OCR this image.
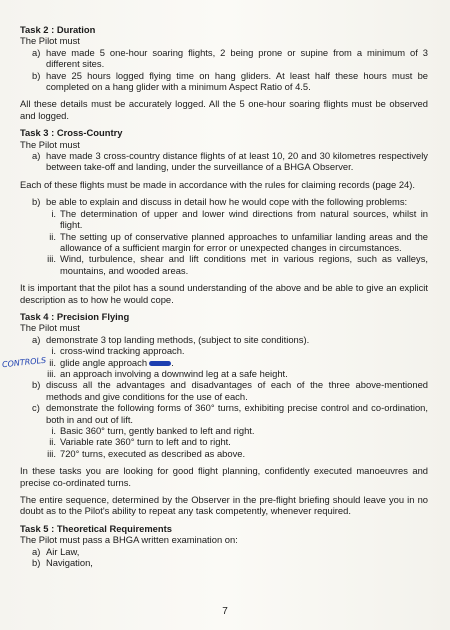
Task 2 : Duration
The Pilot must
a) have made 5 one-hour soaring flights, 2 being prone or supine from a minimum of 3 different sites.
b) have 25 hours logged flying time on hang gliders. At least half these hours must be completed on a hang glider with a minimum Aspect Ratio of 4.5.

All these details must be accurately logged. All the 5 one-hour soaring flights must be observed and logged.

Task 3 : Cross-Country
The Pilot must
a) have made 3 cross-country distance flights of at least 10, 20 and 30 kilometres respectively between take-off and landing, under the surveillance of a BHGA Observer.

Each of these flights must be made in accordance with the rules for claiming records (page 24).

b) be able to explain and discuss in detail how he would cope with the following problems:
i. The determination of upper and lower wind directions from natural sources, whilst in flight.
ii. The setting up of conservative planned approaches to unfamiliar landing areas and the allowance of a sufficient margin for error or unexpected changes in circumstances.
iii. Wind, turbulence, shear and lift conditions met in various regions, such as valleys, mountains, and wooded areas.

It is important that the pilot has a sound understanding of the above and be able to give an explicit description as to how he would cope.

Task 4 : Precision Flying
The Pilot must
a) demonstrate 3 top landing methods, (subject to site conditions).
i. cross-wind tracking approach.
CONTROLS ii. glide angle approach	.
iii. an approach involving a downwind leg at a safe height.
b) discuss all the advantages and disadvantages of each of the three above-mentioned methods and give conditions for the use of each.
c) demonstrate the following forms of 360° turns, exhibiting precise control and co-ordination, both in and out of lift.
i. Basic 360° turn, gently banked to left and right.
ii. Variable rate 360° turn to left and to right.
iii. 720° turns, executed as described as above.

In these tasks you are looking for good flight planning, confidently executed manoeuvres and precise co-ordinated turns.

The entire sequence, determined by the Observer in the pre-flight briefing should leave you in no doubt as to the Pilot's ability to repeat any task competently, whenever required.

Task 5 : Theoretical Requirements
The Pilot must pass a BHGA written examination on:
a) Air Law,
b) Navigation,
7
